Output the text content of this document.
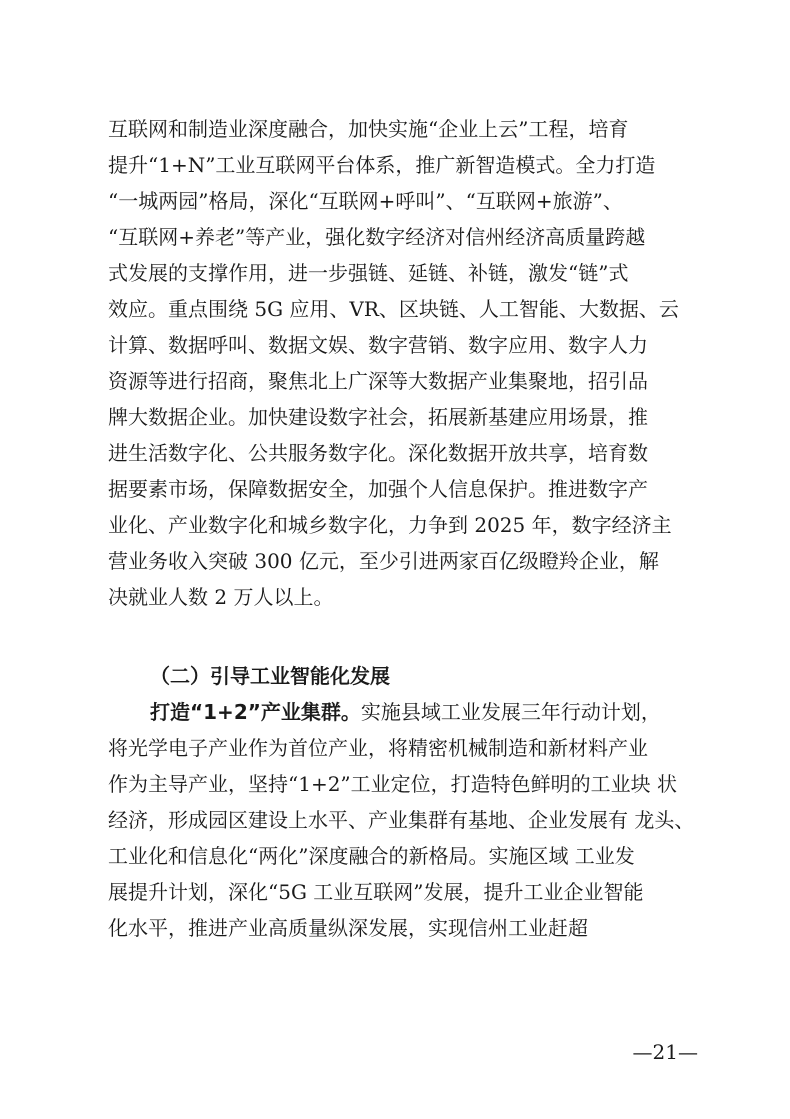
互联网和制造业深度融合，加快实施“企业上云”工程，培育
提升“1+N”工业互联网平台体系，推广新智造模式。全力打造
“一城两园”格局，深化“互联网+呼叫”、“互联网+旅游”、
“互联网+养老”等产业，强化数字经济对信州经济高质量跨越
式发展的支撑作用，进一步强链、延链、补链，激发“链”式
效应。重点围绕 5G 应用、VR、区块链、人工智能、大数据、云
计算、数据呼叫、数据文娱、数字营销、数字应用、数字人力
资源等进行招商，聚焦北上广深等大数据产业集聚地，招引品
牌大数据企业。加快建设数字社会，拓展新基建应用场景，推
进生活数字化、公共服务数字化。深化数据开放共享，培育数
据要素市场，保障数据安全，加强个人信息保护。推进数字产
业化、产业数字化和城乡数字化，力争到 2025 年，数字经济主
营业务收入突破 300 亿元，至少引进两家百亿级瞪羚企业，解
决就业人数 2 万人以上。
（二）引导工业智能化发展
打造“1+2”产业集群。实施县域工业发展三年行动计划，
将光学电子产业作为首位产业，将精密机械制造和新材料产业
作为主导产业，坚持“1+2”工业定位，打造特色鲜明的工业块 状
经济，形成园区建设上水平、产业集群有基地、企业发展有 龙头、
工业化和信息化“两化”深度融合的新格局。实施区域 工业发
展提升计划，深化“5G 工业互联网”发展，提升工业企业智能
化水平，推进产业高质量纵深发展，实现信州工业赶超
—21—
